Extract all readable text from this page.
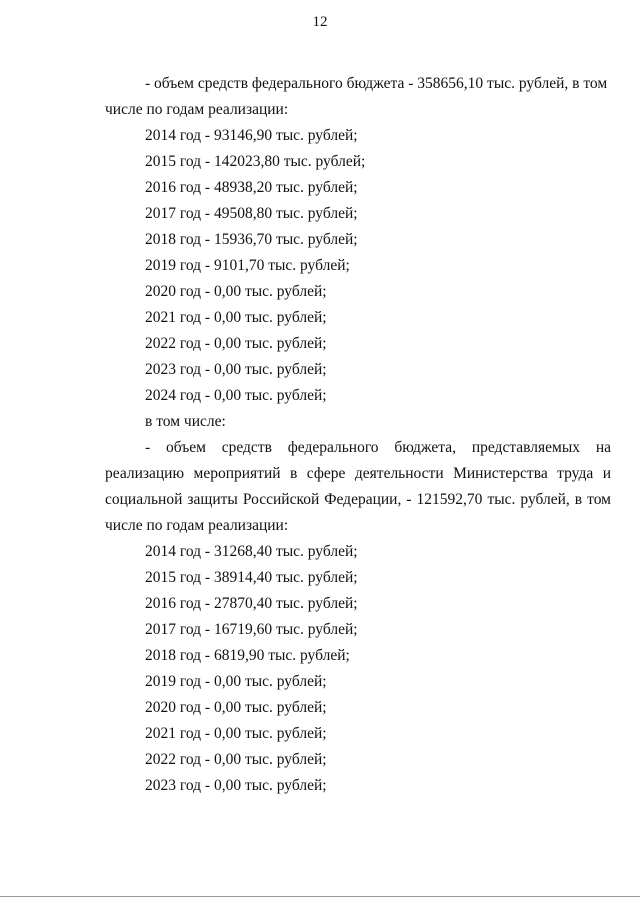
12
- объем средств федерального бюджета - 358656,10 тыс. рублей, в том
числе по годам реализации:
2014 год - 93146,90 тыс. рублей;
2015 год - 142023,80 тыс. рублей;
2016 год - 48938,20 тыс. рублей;
2017 год - 49508,80 тыс. рублей;
2018 год - 15936,70 тыс. рублей;
2019 год - 9101,70 тыс. рублей;
2020 год - 0,00 тыс. рублей;
2021 год - 0,00 тыс. рублей;
2022 год - 0,00 тыс. рублей;
2023 год - 0,00 тыс. рублей;
2024 год - 0,00 тыс. рублей;
в том числе:
- объем средств федерального бюджета, представляемых на
реализацию мероприятий в сфере деятельности Министерства труда и
социальной защиты Российской Федерации, - 121592,70 тыс. рублей, в том
числе по годам реализации:
2014 год - 31268,40 тыс. рублей;
2015 год - 38914,40 тыс. рублей;
2016 год - 27870,40 тыс. рублей;
2017 год - 16719,60 тыс. рублей;
2018 год - 6819,90 тыс. рублей;
2019 год - 0,00 тыс. рублей;
2020 год - 0,00 тыс. рублей;
2021 год - 0,00 тыс. рублей;
2022 год - 0,00 тыс. рублей;
2023 год - 0,00 тыс. рублей;
